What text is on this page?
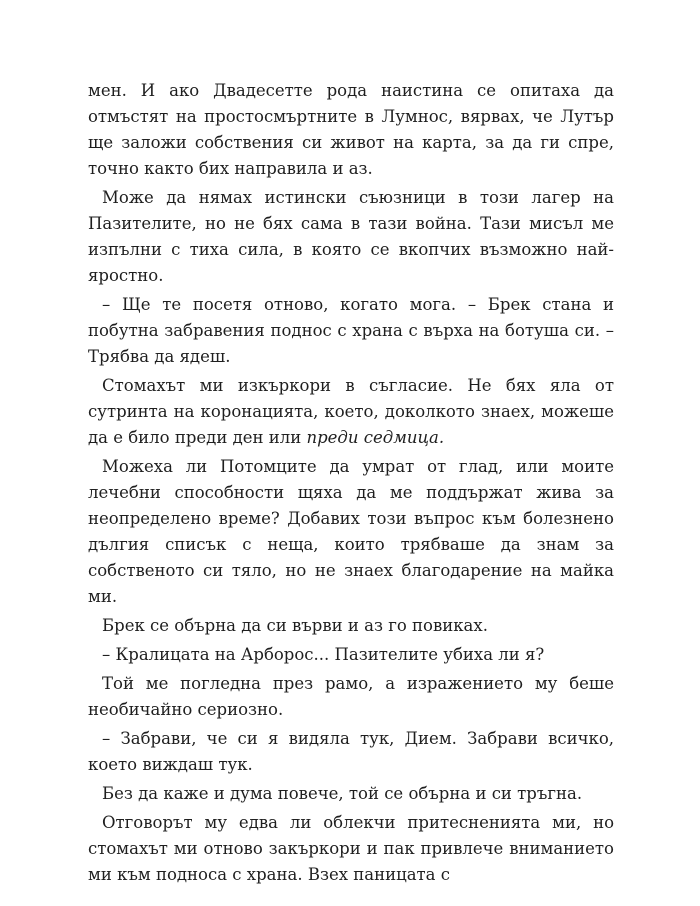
мен. И ако Двадесетте рода наистина се опитаха да отмъстят на простосмъртните в Лумнос, вярвах, че Лутър ще заложи собствения си живот на карта, за да ги спре, точно както бих направила и аз.

Може да нямах истински съюзници в този лагер на Пазителите, но не бях сама в тази война. Тази мисъл ме изпълни с тиха сила, в която се вкопчих възможно най-яростно.

– Ще те посетя отново, когато мога. – Брек стана и побутна забравения поднос с храна с върха на ботуша си. – Трябва да ядеш.

Стомахът ми изкъркори в съгласие. Не бях яла от сутринта на коронацията, което, доколкото знаех, можеше да е било преди ден или преди седмица.

Можеха ли Потомците да умрат от глад, или моите лечебни способности щяха да ме поддържат жива за неопределено време? Добавих този въпрос към болезнено дългия списък с неща, които трябваше да знам за собственото си тяло, но не знаех благодарение на майка ми.

Брек се обърна да си върви и аз го повиках.

– Кралицата на Арборос... Пазителите убиха ли я?

Той ме погледна през рамо, а изражението му беше необичайно сериозно.

– Забрави, че си я видяла тук, Дием. Забрави всичко, което виждаш тук.

Без да каже и дума повече, той се обърна и си тръгна.

Отговорът му едва ли облекчи притесненията ми, но стомахът ми отново закъркори и пак привлече вниманието ми към подноса с храна. Взех паницата с
